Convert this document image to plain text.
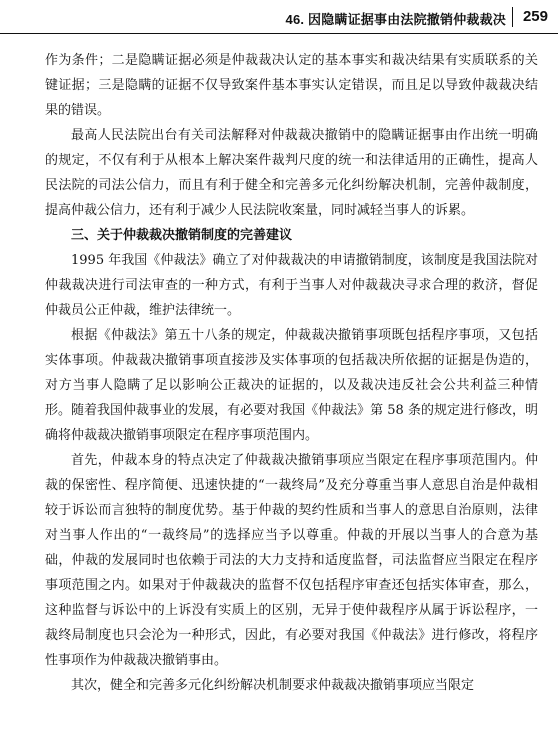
46. 因隐瞒证据事由法院撤销仲裁裁决 259

作为条件；二是隐瞒证据必须是仲裁裁决认定的基本事实和裁决结果有实质联系的关键证据；三是隐瞒的证据不仅导致案件基本事实认定错误，而且足以导致仲裁裁决结果的错误。

最高人民法院出台有关司法解释对仲裁裁决撤销中的隐瞒证据事由作出统一明确的规定，不仅有利于从根本上解决案件裁判尺度的统一和法律适用的正确性，提高人民法院的司法公信力，而且有利于健全和完善多元化纠纷解决机制，完善仲裁制度，提高仲裁公信力，还有利于减少人民法院收案量，同时减轻当事人的诉累。

三、关于仲裁裁决撤销制度的完善建议

1995 年我国《仲裁法》确立了对仲裁裁决的申请撤销制度，该制度是我国法院对仲裁裁决进行司法审查的一种方式，有利于当事人对仲裁裁决寻求合理的救济，督促仲裁员公正仲裁，维护法律统一。

根据《仲裁法》第五十八条的规定，仲裁裁决撤销事项既包括程序事项，又包括实体事项。仲裁裁决撤销事项直接涉及实体事项的包括裁决所依据的证据是伪造的，对方当事人隐瞒了足以影响公正裁决的证据的，以及裁决违反社会公共利益三种情形。随着我国仲裁事业的发展，有必要对我国《仲裁法》第 58 条的规定进行修改，明确将仲裁裁决撤销事项限定在程序事项范围内。

首先，仲裁本身的特点决定了仲裁裁决撤销事项应当限定在程序事项范围内。仲裁的保密性、程序简便、迅速快捷的“一裁终局”及充分尊重当事人意思自治是仲裁相较于诉讼而言独特的制度优势。基于仲裁的契约性质和当事人的意思自治原则，法律对当事人作出的“一裁终局”的选择应当予以尊重。仲裁的开展以当事人的合意为基础，仲裁的发展同时也依赖于司法的大力支持和适度监督，司法监督应当限定在程序事项范围之内。如果对于仲裁裁决的监督不仅包括程序审查还包括实体审查，那么，这种监督与诉讼中的上诉没有实质上的区别，无异于使仲裁程序从属于诉讼程序，一裁终局制度也只会沦为一种形式，因此，有必要对我国《仲裁法》进行修改，将程序性事项作为仲裁裁决撤销事由。

其次，健全和完善多元化纠纷解决机制要求仲裁裁决撤销事项应当限定
